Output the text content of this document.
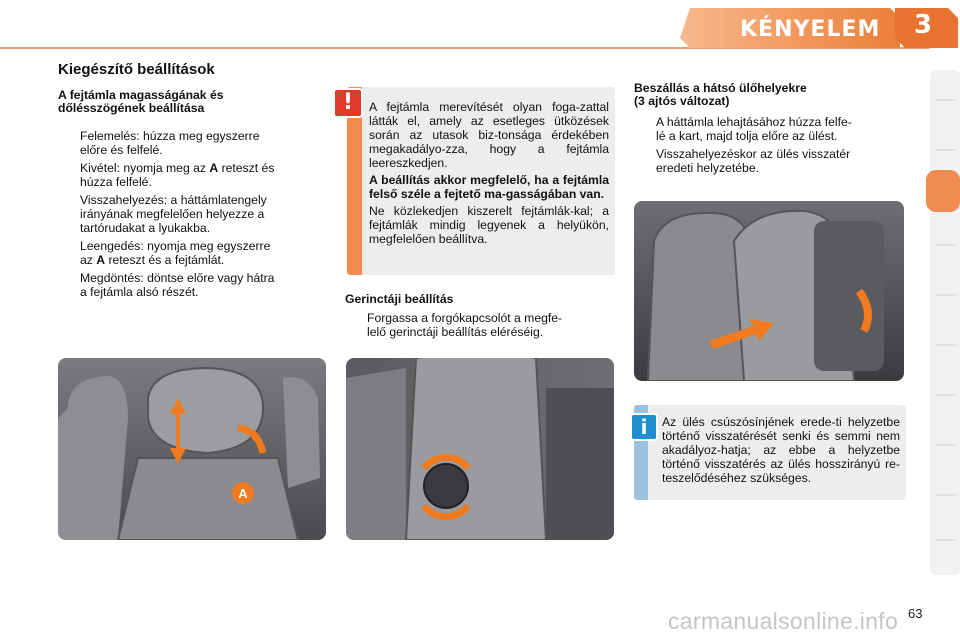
KÉNYELEM 3
Kiegészítő beállítások
A fejtámla magasságának és
dőlésszögének beállítása
Felemelés: húzza meg egyszerre
előre és felfelé.
Kivétel: nyomja meg az A reteszt és
húzza felfelé.
Visszahelyezés: a háttámlatengely
irányának megfelelően helyezze a
tartórudakat a lyukakba.
Leengedés: nyomja meg egyszerre
az A reteszt és a fejtámlát.
Megdöntés: döntse előre vagy hátra
a fejtámla alsó részét.
!	A fejtámla merevítését olyan foga-zattal látták el, amely az esetleges ütközések során az utasok biz-tonsága érdekében megakadályo-zza, hogy a fejtámla leereszkedjen.

A beállítás akkor megfelelő, ha a fejtámla felső széle a fejtető ma-gasságában van.

Ne közlekedjen kiszerelt fejtámlák-kal; a fejtámlák mindig legyenek a helyükön, megfelelően beállítva.

Gerinctáji beállítás
Forgassa a forgókapcsolót a megfe-
lelő gerinctáji beállítás eléréséig.
Beszállás a hátsó ülőhelyekre
(3 ajtós változat)
A háttámla lehajtásához húzza felfe-
lé a kart, majd tolja előre az ülést.
Visszahelyezéskor az ülés visszatér
eredeti helyzetébe.
i	Az ülés csúszósínjének erede-ti helyzetbe történő visszatérését senki és semmi nem akadályoz-hatja; az ebbe a helyzetbe történő visszatérés az ülés hosszirányú re-teszelődéséhez szükséges.
A
carmanualsonline.info 63
